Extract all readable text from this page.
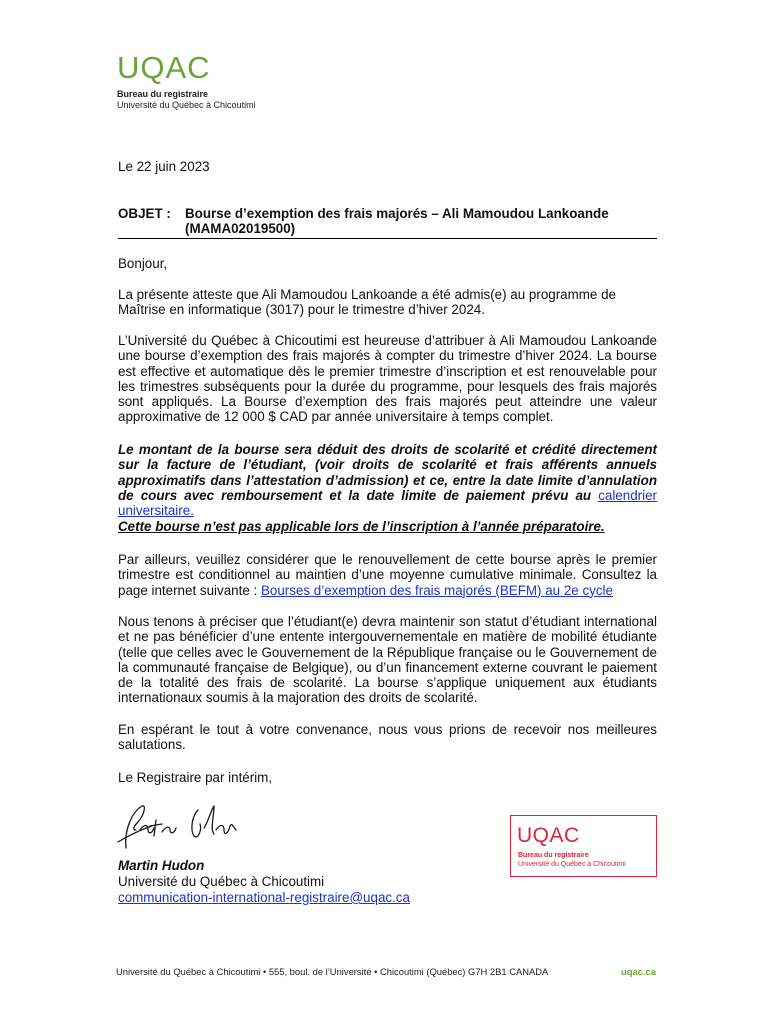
UQAC
Bureau du registraire
Université du Québec à Chicoutimi
Le 22 juin 2023
OBJET : Bourse d’exemption des frais majorés – Ali Mamoudou Lankoande
(MAMA02019500)
Bonjour,
La présente atteste que Ali Mamoudou Lankoande a été admis(e) au programme de Maîtrise en informatique (3017) pour le trimestre d’hiver 2024.
L’Université du Québec à Chicoutimi est heureuse d’attribuer à Ali Mamoudou Lankoande une bourse d’exemption des frais majorés à compter du trimestre d’hiver 2024. La bourse est effective et automatique dès le premier trimestre d’inscription et est renouvelable pour les trimestres subséquents pour la durée du programme, pour lesquels des frais majorés sont appliqués. La Bourse d’exemption des frais majorés peut atteindre une valeur approximative de 12 000 $ CAD par année universitaire à temps complet.
Le montant de la bourse sera déduit des droits de scolarité et crédité directement sur la facture de l’étudiant, (voir droits de scolarité et frais afférents annuels approximatifs dans l’attestation d’admission) et ce, entre la date limite d’annulation de cours avec remboursement et la date limite de paiement prévu au calendrier universitaire.
Cette bourse n’est pas applicable lors de l’inscription à l’année préparatoire.
Par ailleurs, veuillez considérer que le renouvellement de cette bourse après le premier trimestre est conditionnel au maintien d’une moyenne cumulative minimale. Consultez la page internet suivante : Bourses d’exemption des frais majorés (BEFM) au 2e cycle
Nous tenons à préciser que l’étudiant(e) devra maintenir son statut d’étudiant international et ne pas bénéficier d’une entente intergouvernementale en matière de mobilité étudiante (telle que celles avec le Gouvernement de la République française ou le Gouvernement de la communauté française de Belgique), ou d’un financement externe couvrant le paiement de la totalité des frais de scolarité. La bourse s’applique uniquement aux étudiants internationaux soumis à la majoration des droits de scolarité.
En espérant le tout à votre convenance, nous vous prions de recevoir nos meilleures salutations.
Le Registraire par intérim,
Martin Hudon
Université du Québec à Chicoutimi
communication-international-registraire@uqac.ca
UQAC
Bureau du registraire
Université du Québec à Chicoutimi
Université du Québec à Chicoutimi • 555, boul. de l’Université • Chicoutimi (Québec) G7H 2B1 CANADA	uqac.ca
